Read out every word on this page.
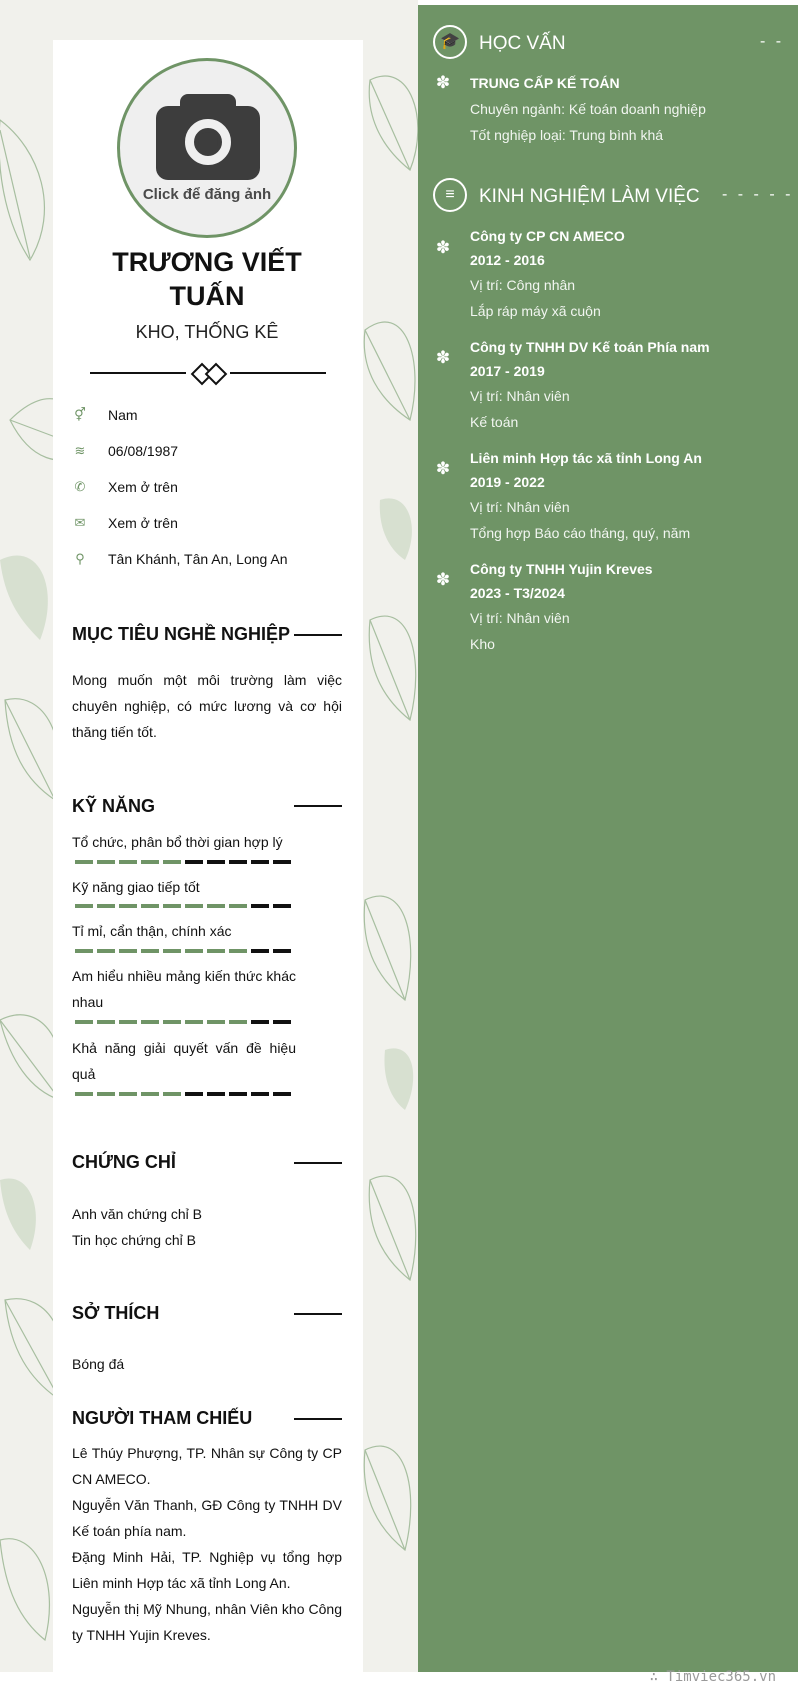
Click để đăng ảnh
TRƯƠNG VIẾT TUẤN
KHO, THỐNG KÊ
⚥ Nam
≋ 06/08/1987
✆ Xem ở trên
✉ Xem ở trên
⚲ Tân Khánh, Tân An, Long An
MỤC TIÊU NGHỀ NGHIỆP
Mong muốn một môi trường làm việc chuyên nghiệp, có mức lương và cơ hội thăng tiến tốt.
KỸ NĂNG
Tổ chức, phân bổ thời gian hợp lý
Kỹ năng giao tiếp tốt
Tỉ mỉ, cẩn thận, chính xác
Am hiểu nhiều mảng kiến thức khác nhau
Khả năng giải quyết vấn đề hiệu quả
CHỨNG CHỈ
Anh văn chứng chỉ B
Tin học chứng chỉ B
SỞ THÍCH
Bóng đá
NGƯỜI THAM CHIẾU
Lê Thúy Phượng, TP. Nhân sự Công ty CP CN AMECO.
Nguyễn Văn Thanh, GĐ Công ty TNHH DV Kế toán phía nam.
Đặng Minh Hải, TP. Nghiệp vụ tổng hợp Liên minh Hợp tác xã tỉnh Long An.
Nguyễn thị Mỹ Nhung, nhân Viên kho Công ty TNHH Yujin Kreves.
🎓	HỌC VẤN	- -
✽ TRUNG CẤP KẾ TOÁN
Chuyên ngành: Kế toán doanh nghiệp
Tốt nghiệp loại: Trung bình khá
≡	KINH NGHIỆM LÀM VIỆC - - - - -
✽
Công ty CP CN AMECO
2012 - 2016
Vị trí: Công nhân
Lắp ráp máy xã cuộn
✽
Công ty TNHH DV Kế toán Phía nam
2017 - 2019
Vị trí: Nhân viên
Kế toán
✽
Liên minh Hợp tác xã tỉnh Long An
2019 - 2022
Vị trí: Nhân viên
Tổng hợp Báo cáo tháng, quý, năm
✽
Công ty TNHH Yujin Kreves
2023 - T3/2024
Vị trí: Nhân viên
Kho
∴ Timviec365.vn
